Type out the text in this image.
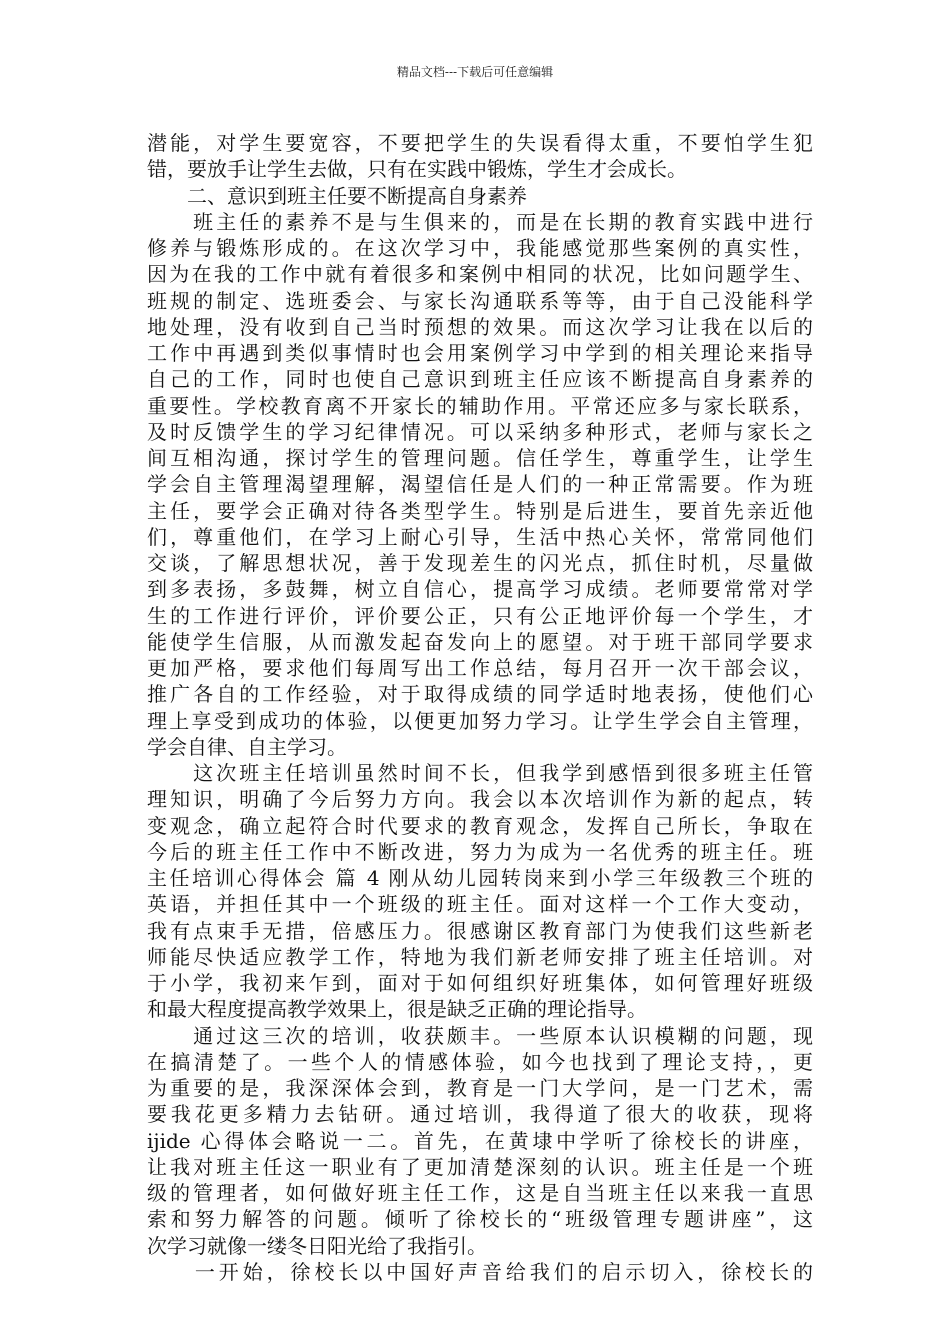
精品文档---下载后可任意编辑
潜能，对学生要宽容，不要把学生的失误看得太重，不要怕学生犯
错，要放手让学生去做，只有在实践中锻炼，学生才会成长。
　　二、意识到班主任要不断提高自身素养
　　班主任的素养不是与生俱来的，而是在长期的教育实践中进行
修养与锻炼形成的。在这次学习中，我能感觉那些案例的真实性，
因为在我的工作中就有着很多和案例中相同的状况，比如问题学生、
班规的制定、选班委会、与家长沟通联系等等，由于自己没能科学
地处理，没有收到自己当时预想的效果。而这次学习让我在以后的
工作中再遇到类似事情时也会用案例学习中学到的相关理论来指导
自己的工作，同时也使自己意识到班主任应该不断提高自身素养的
重要性。学校教育离不开家长的辅助作用。平常还应多与家长联系，
及时反馈学生的学习纪律情况。可以采纳多种形式，老师与家长之
间互相沟通，探讨学生的管理问题。信任学生，尊重学生，让学生
学会自主管理渴望理解，渴望信任是人们的一种正常需要。作为班
主任，要学会正确对待各类型学生。特别是后进生，要首先亲近他
们，尊重他们，在学习上耐心引导，生活中热心关怀，常常同他们
交谈，了解思想状况，善于发现差生的闪光点，抓住时机，尽量做
到多表扬，多鼓舞，树立自信心，提高学习成绩。老师要常常对学
生的工作进行评价，评价要公正，只有公正地评价每一个学生，才
能使学生信服，从而激发起奋发向上的愿望。对于班干部同学要求
更加严格，要求他们每周写出工作总结，每月召开一次干部会议，
推广各自的工作经验，对于取得成绩的同学适时地表扬，使他们心
理上享受到成功的体验，以便更加努力学习。让学生学会自主管理，
学会自律、自主学习。
　　这次班主任培训虽然时间不长，但我学到感悟到很多班主任管
理知识，明确了今后努力方向。我会以本次培训作为新的起点，转
变观念，确立起符合时代要求的教育观念，发挥自己所长，争取在
今后的班主任工作中不断改进，努力为成为一名优秀的班主任。班
主任培训心得体会 篇 4 刚从幼儿园转岗来到小学三年级教三个班的
英语，并担任其中一个班级的班主任。面对这样一个工作大变动，
我有点束手无措，倍感压力。很感谢区教育部门为使我们这些新老
师能尽快适应教学工作，特地为我们新老师安排了班主任培训。对
于小学，我初来乍到，面对于如何组织好班集体，如何管理好班级
和最大程度提高教学效果上，很是缺乏正确的理论指导。
　　通过这三次的培训，收获颇丰。一些原本认识模糊的问题，现
在搞清楚了。一些个人的情感体验，如今也找到了理论支持，，更
为重要的是，我深深体会到，教育是一门大学问，是一门艺术，需
要我花更多精力去钻研。通过培训，我得道了很大的收获，现将
ijide 心得体会略说一二。首先，在黄埭中学听了徐校长的讲座，
让我对班主任这一职业有了更加清楚深刻的认识。班主任是一个班
级的管理者，如何做好班主任工作，这是自当班主任以来我一直思
索和努力解答的问题。倾听了徐校长的“班级管理专题讲座”，这
次学习就像一缕冬日阳光给了我指引。
　　一开始，徐校长以中国好声音给我们的启示切入，徐校长的
